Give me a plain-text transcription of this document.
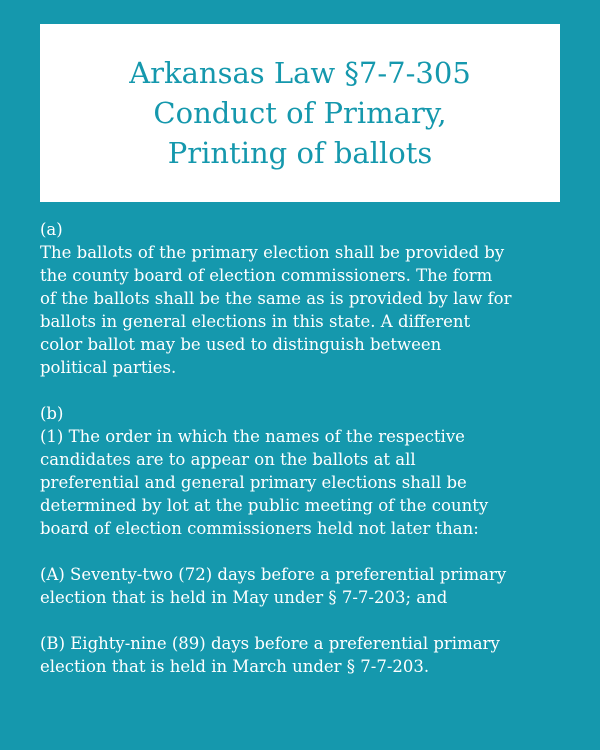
Arkansas Law §7-7-305
Conduct of Primary,
Printing of ballots
(a)
The ballots of the primary election shall be provided by
the county board of election commissioners. The form
of the ballots shall be the same as is provided by law for
ballots in general elections in this state. A different
color ballot may be used to distinguish between
political parties.
(b)
(1) The order in which the names of the respective
candidates are to appear on the ballots at all
preferential and general primary elections shall be
determined by lot at the public meeting of the county
board of election commissioners held not later than:
(A) Seventy-two (72) days before a preferential primary
election that is held in May under § 7-7-203; and
(B) Eighty-nine (89) days before a preferential primary
election that is held in March under § 7-7-203.
